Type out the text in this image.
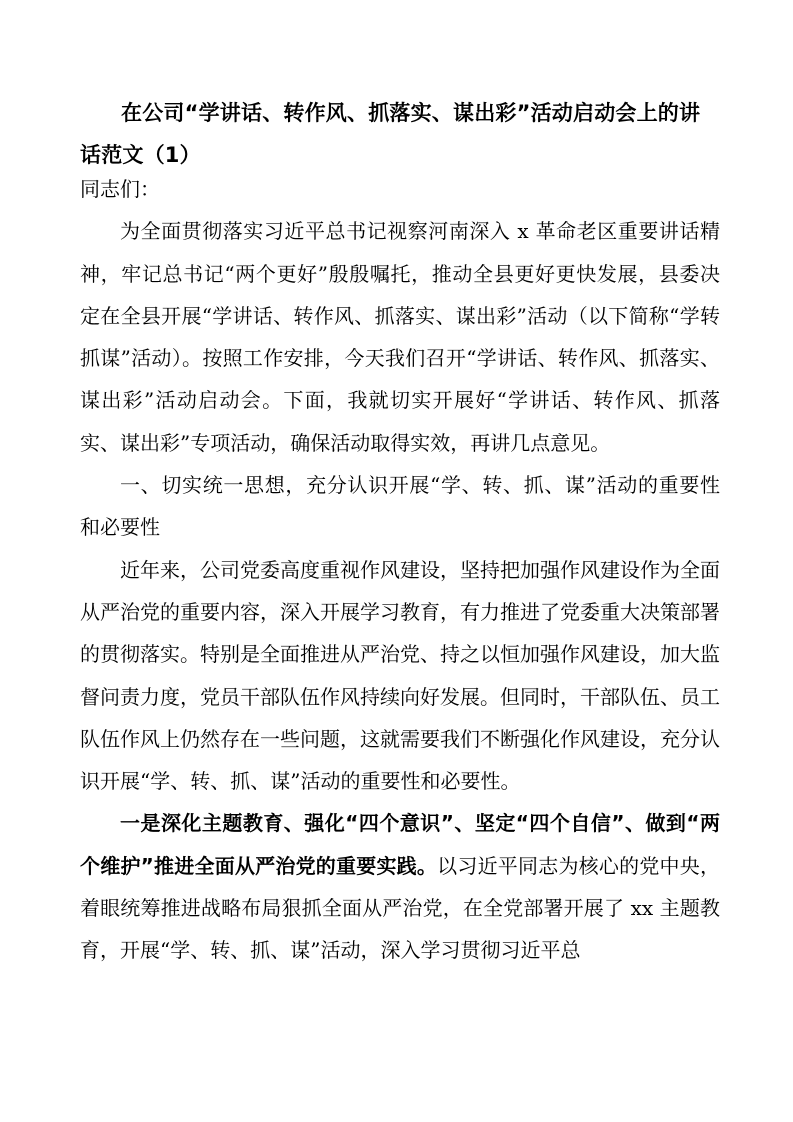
在公司“学讲话、转作风、抓落实、谋出彩”活动启动会上的讲话范文（1）

同志们：

为全面贯彻落实习近平总书记视察河南深入 x 革命老区重要讲话精神，牢记总书记“两个更好”殷殷嘱托，推动全县更好更快发展，县委决定在全县开展“学讲话、转作风、抓落实、谋出彩”活动（以下简称“学转抓谋”活动）。按照工作安排，今天我们召开“学讲话、转作风、抓落实、谋出彩”活动启动会。下面，我就切实开展好“学讲话、转作风、抓落实、谋出彩”专项活动，确保活动取得实效，再讲几点意见。

一、切实统一思想，充分认识开展“学、转、抓、谋”活动的重要性和必要性

近年来，公司党委高度重视作风建设，坚持把加强作风建设作为全面从严治党的重要内容，深入开展学习教育，有力推进了党委重大决策部署的贯彻落实。特别是全面推进从严治党、持之以恒加强作风建设，加大监督问责力度，党员干部队伍作风持续向好发展。但同时，干部队伍、员工队伍作风上仍然存在一些问题，这就需要我们不断强化作风建设，充分认识开展“学、转、抓、谋”活动的重要性和必要性。

一是深化主题教育、强化“四个意识”、坚定“四个自信”、做到“两个维护”推进全面从严治党的重要实践。以习近平同志为核心的党中央，着眼统筹推进战略布局狠抓全面从严治党，在全党部署开展了 xx 主题教育，开展“学、转、抓、谋”活动，深入学习贯彻习近平总
